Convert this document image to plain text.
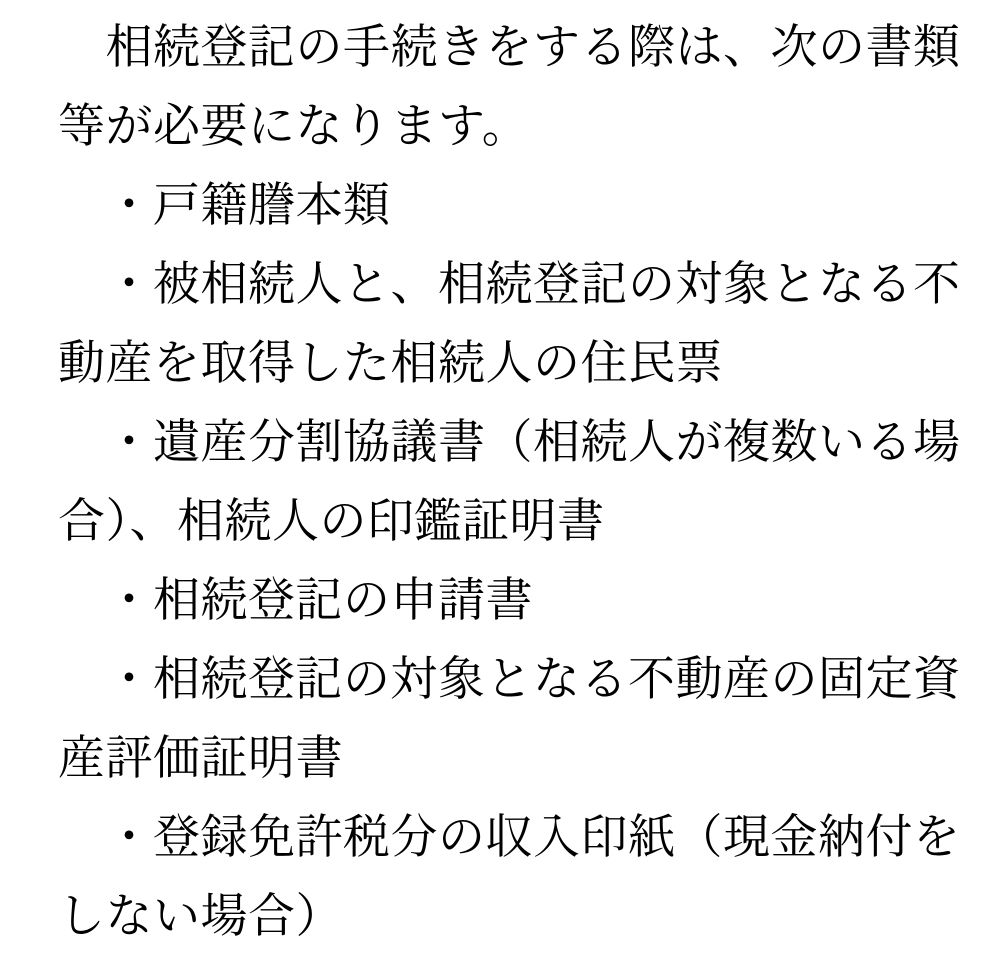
　相続登記の手続きをする際は、次の書類等が必要になります。

　・戸籍謄本類

　・被相続人と、相続登記の対象となる不動産を取得した相続人の住民票

　・遺産分割協議書（相続人が複数いる場合）、相続人の印鑑証明書

　・相続登記の申請書

　・相続登記の対象となる不動産の固定資産評価証明書

　・登録免許税分の収入印紙（現金納付をしない場合）
